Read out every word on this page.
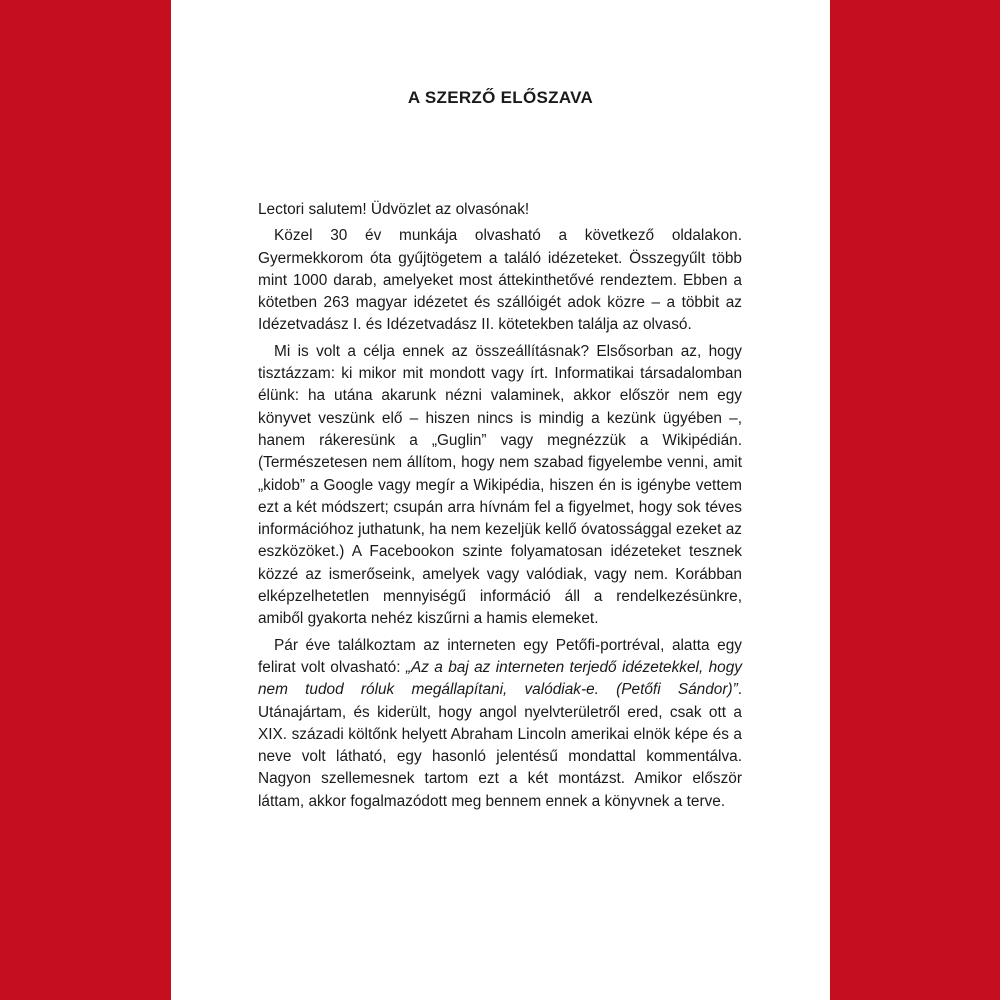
A SZERZŐ ELŐSZAVA

Lectori salutem! Üdvözlet az olvasónak!

Közel 30 év munkája olvasható a következő oldalakon. Gyermekkorom óta gyűjtögetem a találó idézeteket. Összegyűlt több mint 1000 darab, amelyeket most áttekinthetővé rendeztem. Ebben a kötetben 263 magyar idézetet és szállóigét adok közre – a többit az Idézetvadász I. és Idézetvadász II. kötetekben találja az olvasó.

Mi is volt a célja ennek az összeállításnak? Elsősorban az, hogy tisztázzam: ki mikor mit mondott vagy írt. Informatikai társadalomban élünk: ha utána akarunk nézni valaminek, akkor először nem egy könyvet veszünk elő – hiszen nincs is mindig a kezünk ügyében –, hanem rákeresünk a „Guglin” vagy megnézzük a Wikipédián. (Természetesen nem állítom, hogy nem szabad figyelembe venni, amit „kidob” a Google vagy megír a Wikipédia, hiszen én is igénybe vettem ezt a két módszert; csupán arra hívnám fel a figyelmet, hogy sok téves információhoz juthatunk, ha nem kezeljük kellő óvatossággal ezeket az eszközöket.) A Facebookon szinte folyamatosan idézeteket tesznek közzé az ismerőseink, amelyek vagy valódiak, vagy nem. Korábban elképzelhetetlen mennyiségű információ áll a rendelkezésünkre, amiből gyakorta nehéz kiszűrni a hamis elemeket.

Pár éve találkoztam az interneten egy Petőfi-portréval, alatta egy felirat volt olvasható: „Az a baj az interneten terjedő idézetekkel, hogy nem tudod róluk megállapítani, valódiak-e. (Petőfi Sándor)”. Utánajártam, és kiderült, hogy angol nyelvterületről ered, csak ott a XIX. századi költőnk helyett Abraham Lincoln amerikai elnök képe és a neve volt látható, egy hasonló jelentésű mondattal kommentálva. Nagyon szellemesnek tartom ezt a két montázst. Amikor először láttam, akkor fogalmazódott meg bennem ennek a könyvnek a terve.
